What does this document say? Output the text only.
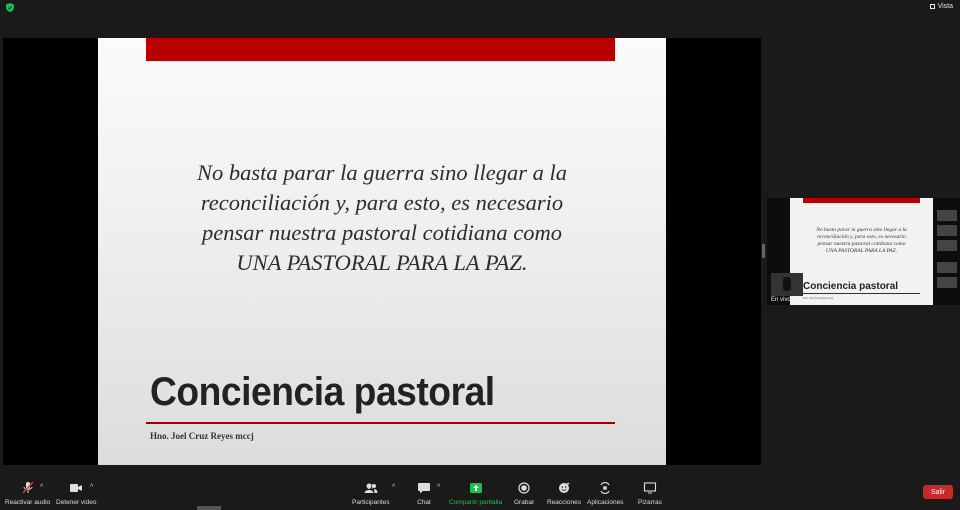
Vista
No basta parar la guerra sino llegar a la
reconciliación y, para esto, es necesario
pensar nuestra pastoral cotidiana como
UNA PASTORAL PARA LA PAZ.
Conciencia pastoral
Hno. Joel Cruz Reyes mccj
No basta parar la guerra sino llegar a la
reconciliación y, para esto, es necesario
pensar nuestra pastoral cotidiana como
UNA PASTORAL PARA LA PAZ.
Conciencia pastoral
Hno. Joel Cruz Reyes mccj
En vivo
Reactivar audio
^
Detener video
^	67
Participantes
^
Chat
^
Compartir pantalla Grabar Reacciones Aplicaciones Pizarras
Salir
